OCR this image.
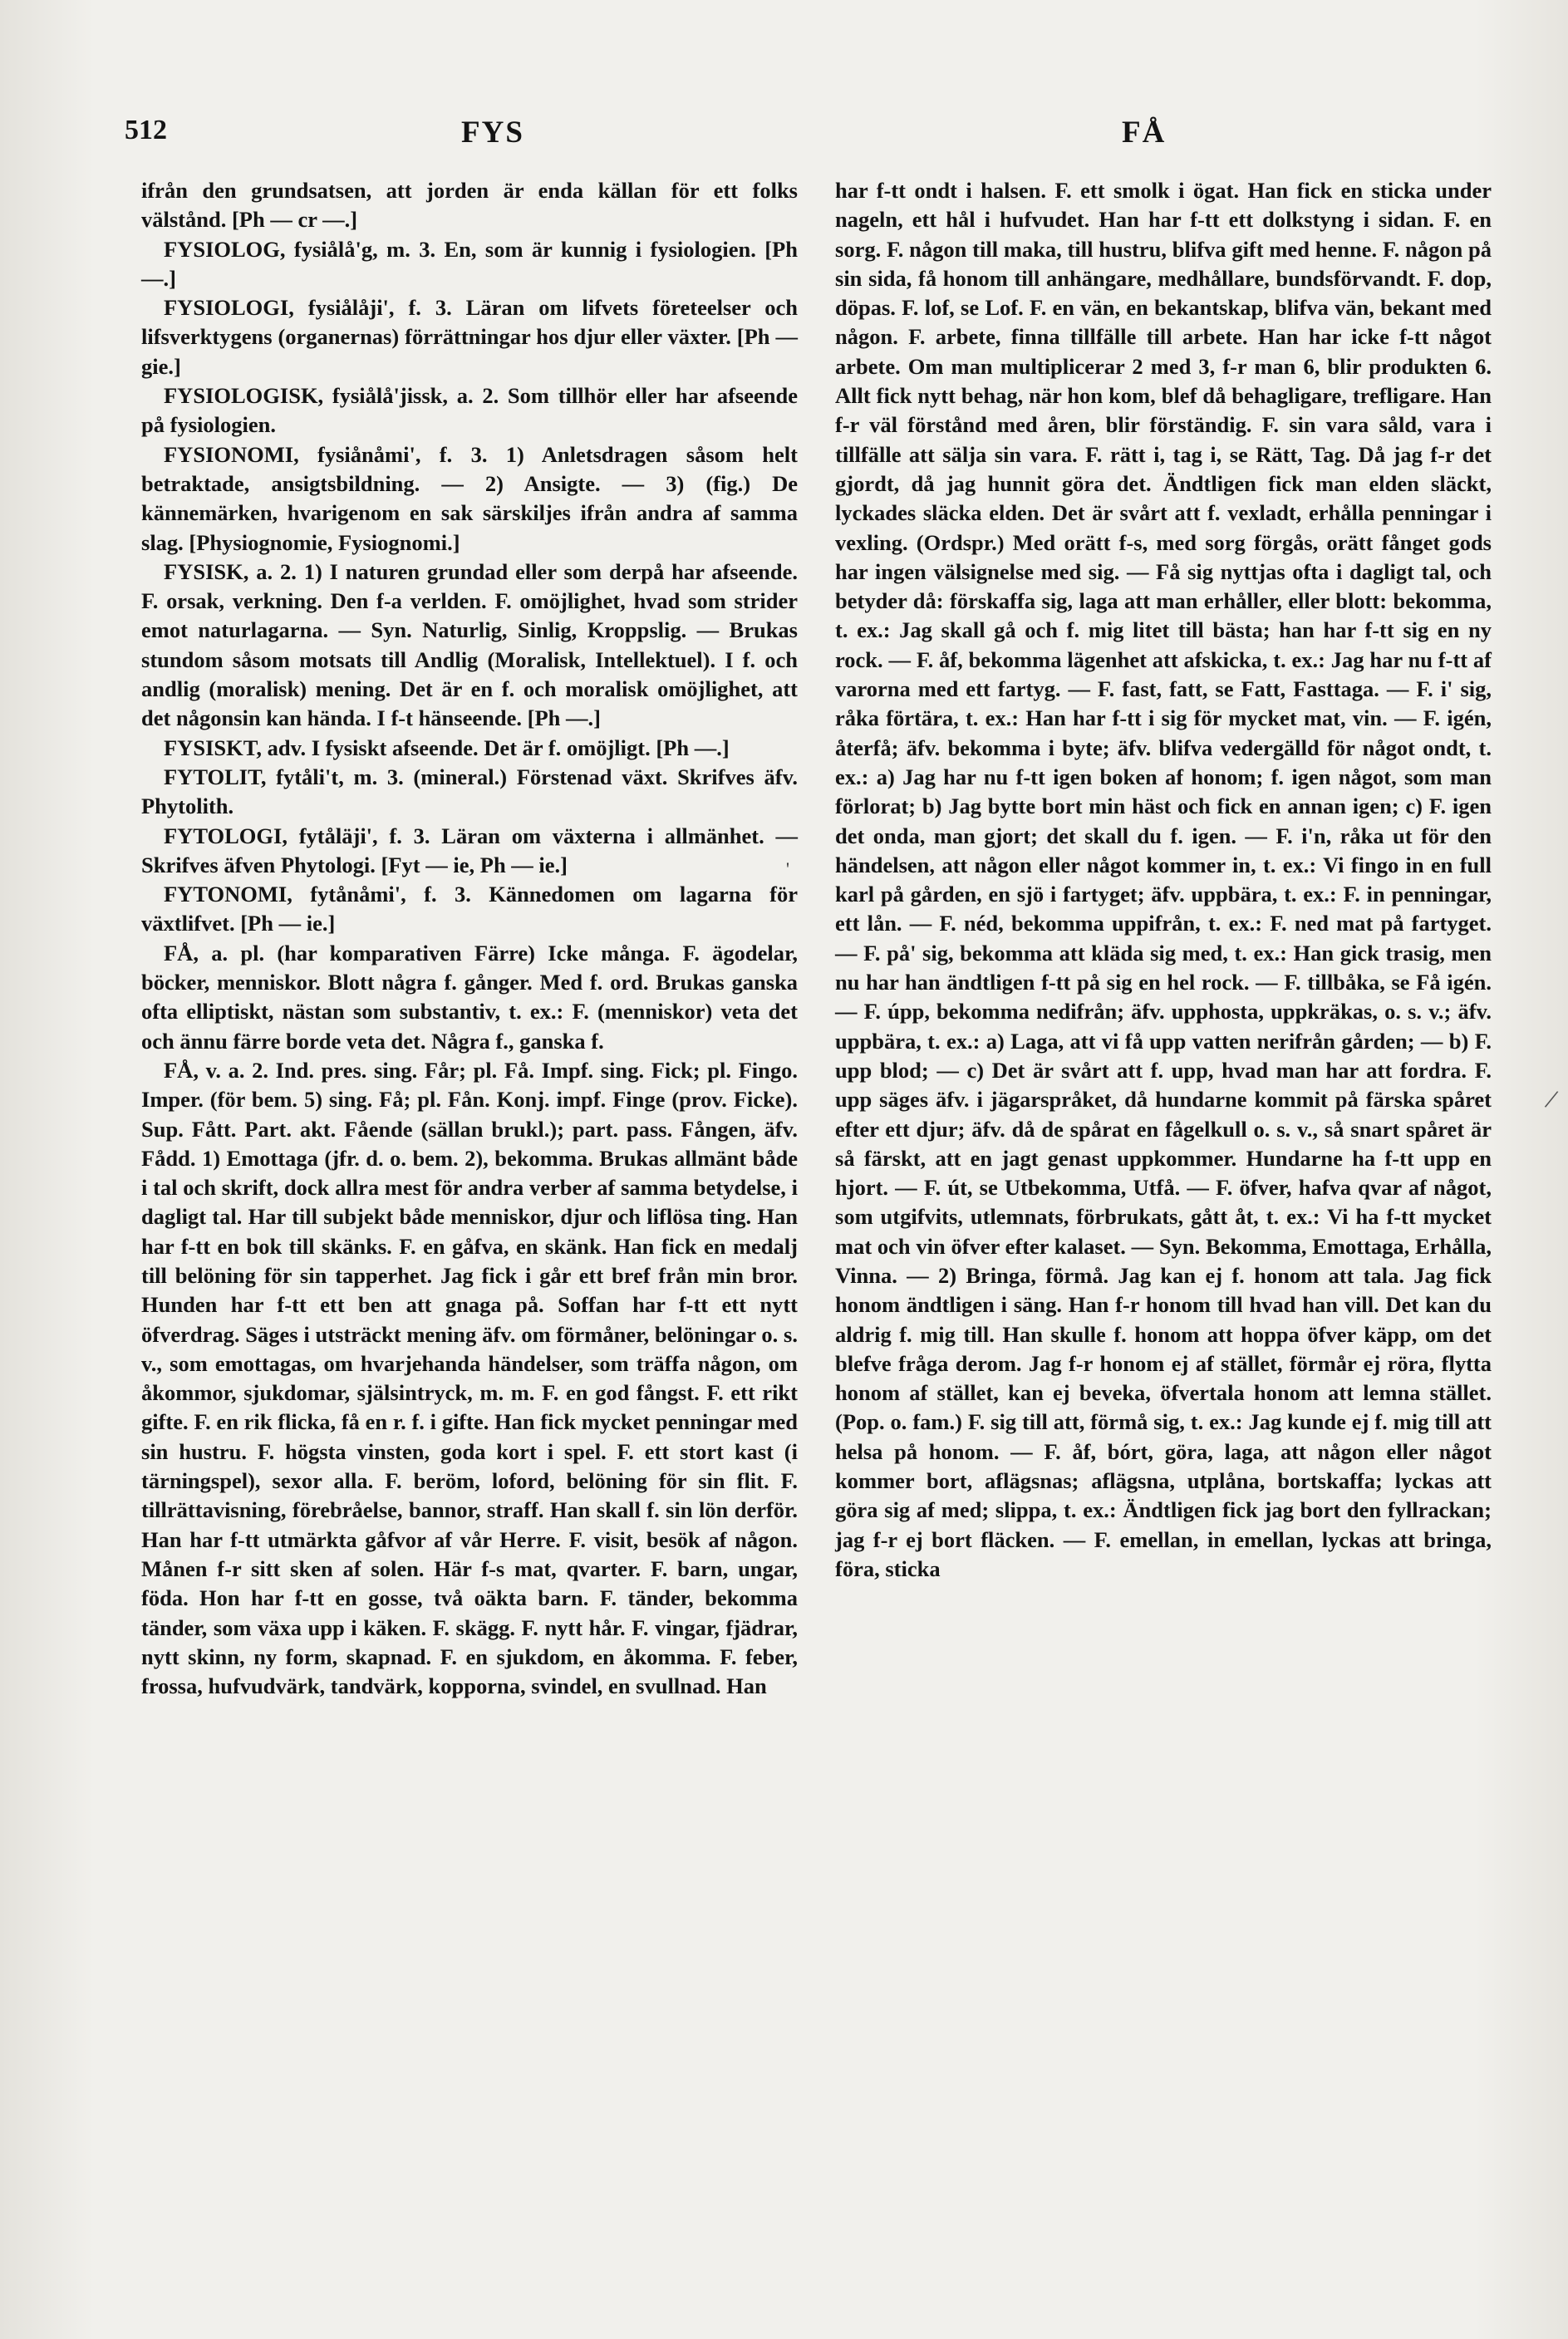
512	FYS	FÅ

ifrån den grundsatsen, att jorden är enda källan för ett folks välstånd. [Ph — cr —.]

FYSIOLOG, fysiålå'g, m. 3. En, som är kunnig i fysiologien. [Ph —.]

FYSIOLOGI, fysiålåji', f. 3. Läran om lifvets företeelser och lifsverktygens (organernas) förrättningar hos djur eller växter. [Ph — gie.]

FYSIOLOGISK, fysiålå'jissk, a. 2. Som tillhör eller har afseende på fysiologien.

FYSIONOMI, fysiånåmi', f. 3. 1) Anletsdragen såsom helt betraktade, ansigtsbildning. — 2) Ansigte. — 3) (fig.) De kännemärken, hvarigenom en sak särskiljes ifrån andra af samma slag. [Physiognomie, Fysiognomi.]

FYSISK, a. 2. 1) I naturen grundad eller som derpå har afseende. F. orsak, verkning. Den f-a verlden. F. omöjlighet, hvad som strider emot naturlagarna. — Syn. Naturlig, Sinlig, Kroppslig. — Brukas stundom såsom motsats till Andlig (Moralisk, Intellektuel). I f. och andlig (moralisk) mening. Det är en f. och moralisk omöjlighet, att det någonsin kan hända. I f-t hänseende. [Ph —.]

FYSISKT, adv. I fysiskt afseende. Det är f. omöjligt. [Ph —.]

FYTOLIT, fytåli't, m. 3. (mineral.) Förstenad växt. Skrifves äfv. Phytolith.

FYTOLOGI, fytåläji', f. 3. Läran om växterna i allmänhet. — Skrifves äfven Phytologi. [Fyt — ie, Ph — ie.]

FYTONOMI, fytånåmi', f. 3. Kännedomen om lagarna för växtlifvet. [Ph — ie.]

FÅ, a. pl. (har komparativen Färre) Icke många. F. ägodelar, böcker, menniskor. Blott några f. gånger. Med f. ord. Brukas ganska ofta elliptiskt, nästan som substantiv, t. ex.: F. (menniskor) veta det och ännu färre borde veta det. Några f., ganska f.

FÅ, v. a. 2. Ind. pres. sing. Får; pl. Få. Impf. sing. Fick; pl. Fingo. Imper. (för bem. 5) sing. Få; pl. Fån. Konj. impf. Finge (prov. Ficke). Sup. Fått. Part. akt. Fående (sällan brukl.); part. pass. Fången, äfv. Fådd. 1) Emottaga (jfr. d. o. bem. 2), bekomma. Brukas allmänt både i tal och skrift, dock allra mest för andra verber af samma betydelse, i dagligt tal. Har till subjekt både menniskor, djur och liflösa ting. Han har f-tt en bok till skänks. F. en gåfva, en skänk. Han fick en medalj till belöning för sin tapperhet. Jag fick i går ett bref från min bror. Hunden har f-tt ett ben att gnaga på. Soffan har f-tt ett nytt öfverdrag. Säges i utsträckt mening äfv. om förmåner, belöningar o. s. v., som emottagas, om hvarjehanda händelser, som träffa någon, om åkommor, sjukdomar, själsintryck, m. m. F. en god fångst. F. ett rikt gifte. F. en rik flicka, få en r. f. i gifte. Han fick mycket penningar med sin hustru. F. högsta vinsten, goda kort i spel. F. ett stort kast (i tärningspel), sexor alla. F. beröm, loford, belöning för sin flit. F. tillrättavisning, förebråelse, bannor, straff. Han skall f. sin lön derför. Han har f-tt utmärkta gåfvor af vår Herre. F. visit, besök af någon. Månen f-r sitt sken af solen. Här f-s mat, qvarter. F. barn, ungar, föda. Hon har f-tt en gosse, två oäkta barn. F. tänder, bekomma tänder, som växa upp i käken. F. skägg. F. nytt hår. F. vingar, fjädrar, nytt skinn, ny form, skapnad. F. en sjukdom, en åkomma. F. feber, frossa, hufvudvärk, tandvärk, kopporna, svindel, en svullnad. Han

har f-tt ondt i halsen. F. ett smolk i ögat. Han fick en sticka under nageln, ett hål i hufvudet. Han har f-tt ett dolkstyng i sidan. F. en sorg. F. någon till maka, till hustru, blifva gift med henne. F. någon på sin sida, få honom till anhängare, medhållare, bundsförvandt. F. dop, döpas. F. lof, se Lof. F. en vän, en bekantskap, blifva vän, bekant med någon. F. arbete, finna tillfälle till arbete. Han har icke f-tt något arbete. Om man multiplicerar 2 med 3, f-r man 6, blir produkten 6. Allt fick nytt behag, när hon kom, blef då behagligare, trefligare. Han f-r väl förstånd med åren, blir förständig. F. sin vara såld, vara i tillfälle att sälja sin vara. F. rätt i, tag i, se Rätt, Tag. Då jag f-r det gjordt, då jag hunnit göra det. Ändtligen fick man elden släckt, lyckades släcka elden. Det är svårt att f. vexladt, erhålla penningar i vexling. (Ordspr.) Med orätt f-s, med sorg förgås, orätt fånget gods har ingen välsignelse med sig. — Få sig nyttjas ofta i dagligt tal, och betyder då: förskaffa sig, laga att man erhåller, eller blott: bekomma, t. ex.: Jag skall gå och f. mig litet till bästa; han har f-tt sig en ny rock. — F. åf, bekomma lägenhet att afskicka, t. ex.: Jag har nu f-tt af varorna med ett fartyg. — F. fast, fatt, se Fatt, Fasttaga. — F. i' sig, råka förtära, t. ex.: Han har f-tt i sig för mycket mat, vin. — F. igén, återfå; äfv. bekomma i byte; äfv. blifva vedergälld för något ondt, t. ex.: a) Jag har nu f-tt igen boken af honom; f. igen något, som man förlorat; b) Jag bytte bort min häst och fick en annan igen; c) F. igen det onda, man gjort; det skall du f. igen. — F. i'n, råka ut för den händelsen, att någon eller något kommer in, t. ex.: Vi fingo in en full karl på gården, en sjö i fartyget; äfv. uppbära, t. ex.: F. in penningar, ett lån. — F. néd, bekomma uppifrån, t. ex.: F. ned mat på fartyget. — F. på' sig, bekomma att kläda sig med, t. ex.: Han gick trasig, men nu har han ändtligen f-tt på sig en hel rock. — F. tillbåka, se Få igén. — F. úpp, bekomma nedifrån; äfv. upphosta, uppkräkas, o. s. v.; äfv. uppbära, t. ex.: a) Laga, att vi få upp vatten nerifrån gården; — b) F. upp blod; — c) Det är svårt att f. upp, hvad man har att fordra. F. upp säges äfv. i jägarspråket, då hundarne kommit på färska spåret efter ett djur; äfv. då de spårat en fågelkull o. s. v., så snart spåret är så färskt, att en jagt genast uppkommer. Hundarne ha f-tt upp en hjort. — F. út, se Utbekomma, Utfå. — F. öfver, hafva qvar af något, som utgifvits, utlemnats, förbrukats, gått åt, t. ex.: Vi ha f-tt mycket mat och vin öfver efter kalaset. — Syn. Bekomma, Emottaga, Erhålla, Vinna. — 2) Bringa, förmå. Jag kan ej f. honom att tala. Jag fick honom ändtligen i säng. Han f-r honom till hvad han vill. Det kan du aldrig f. mig till. Han skulle f. honom att hoppa öfver käpp, om det blefve fråga derom. Jag f-r honom ej af stället, förmår ej röra, flytta honom af stället, kan ej beveka, öfvertala honom att lemna stället. (Pop. o. fam.) F. sig till att, förmå sig, t. ex.: Jag kunde ej f. mig till att helsa på honom. — F. åf, bórt, göra, laga, att någon eller något kommer bort, aflägsnas; aflägsna, utplåna, bortskaffa; lyckas att göra sig af med; slippa, t. ex.: Ändtligen fick jag bort den fyllrackan; jag f-r ej bort fläcken. — F. emellan, in emellan, lyckas att bringa, föra, sticka

'
/
